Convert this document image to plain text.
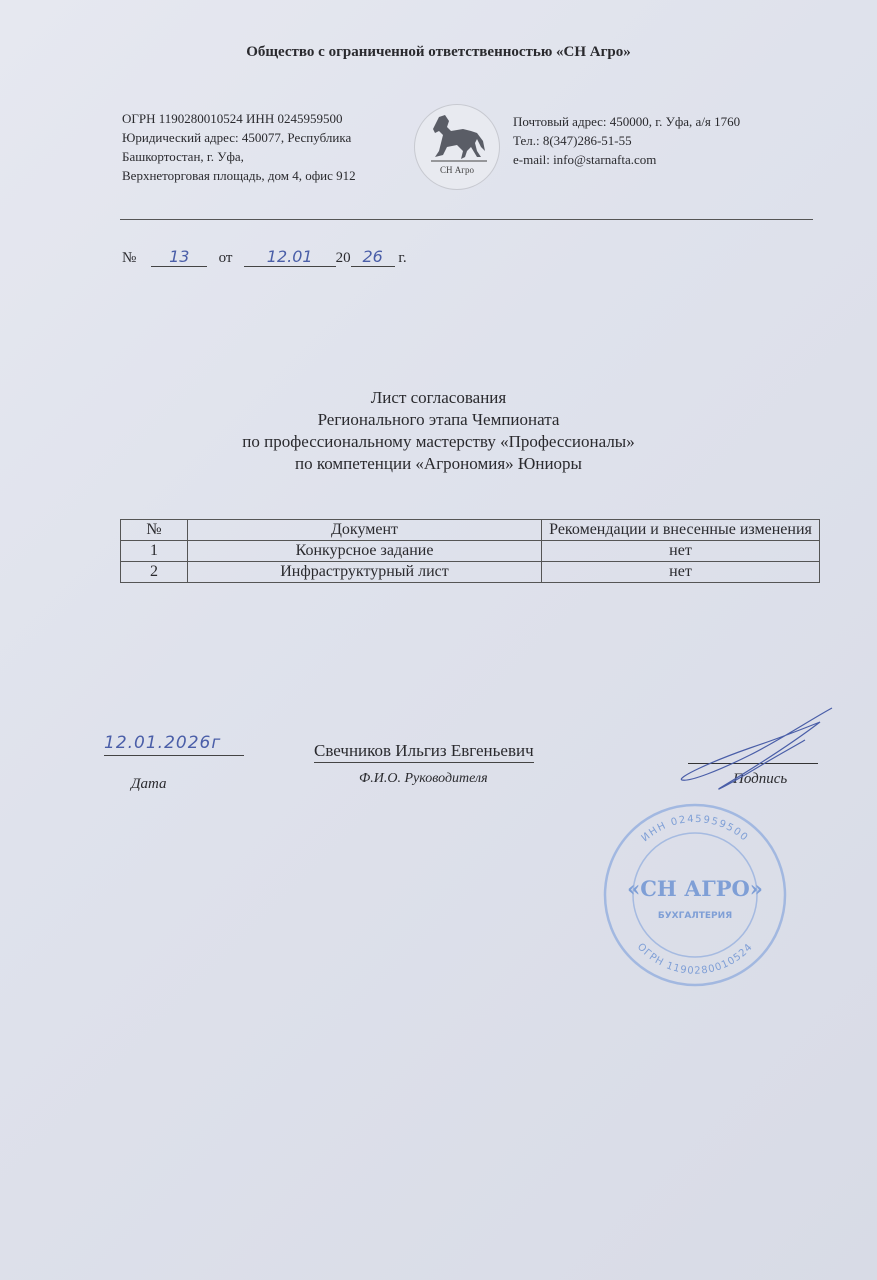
Общество с ограниченной ответственностью «СН Агро»
ОГРН 1190280010524 ИНН 0245959500
Юридический адрес: 450077, Республика
Башкортостан, г. Уфа,
Верхнеторговая площадь, дом 4, офис 912	СН Агро
Почтовый адрес: 450000, г. Уфа, а/я 1760
Тел.: 8(347)286-51-55
e-mail: info@starnafta.com
№ 13 от 12.01 20 26 г.
Лист согласования
Регионального этапа Чемпионата
по профессиональному мастерству «Профессионалы»
по компетенции «Агрономия» Юниоры
№	Документ	Рекомендации и внесенные изменения
1	Конкурсное задание	нет
2	Инфраструктурный лист	нет
12.01.2026г
Дата
Свечников Ильгиз Евгеньевич
Ф.И.О. Руководителя
ИНН 0245959500
ОГРН 1190280010524
«СН АГРО»
БУХГАЛТЕРИЯ
Подпись
